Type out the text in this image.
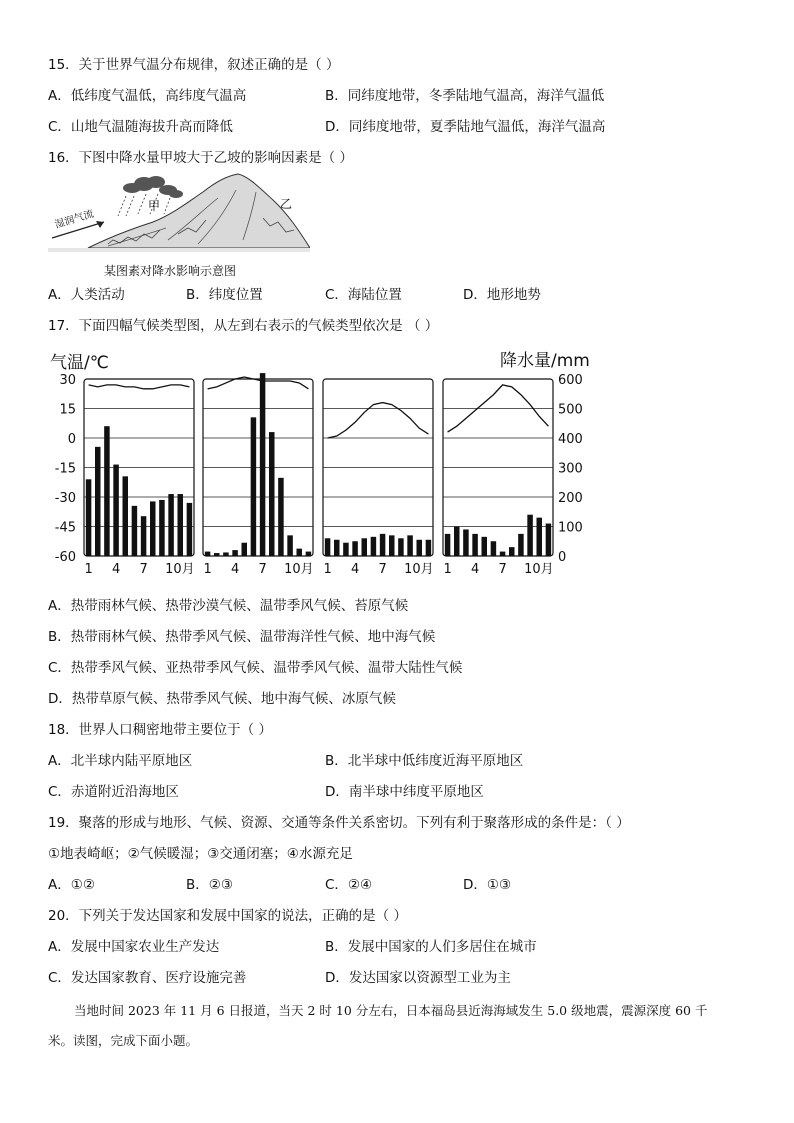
15．关于世界气温分布规律，叙述正确的是（ ）
A．低纬度气温低，高纬度气温高	B．同纬度地带，冬季陆地气温高，海洋气温低
C．山地气温随海拔升高而降低	D．同纬度地带，夏季陆地气温低，海洋气温高
16．下图中降水量甲坡大于乙坡的影响因素是（ ）
湿润气流
甲	乙
某图素对降水影响示意图
A．人类活动	B．纬度位置	C．海陆位置	D．地形地势
17．下面四幅气候类型图，从左到右表示的气候类型依次是 （ ）
气温/℃	降水量/mm
30
15
0
-15
-30
-45
-60
600
500
400
300
200
100
0
1 4 7 10月 1 4 7 10月 1 4 7 10月 1 4 7 10月
A．热带雨林气候、热带沙漠气候、温带季风气候、苔原气候
B．热带雨林气候、热带季风气候、温带海洋性气候、地中海气候
C．热带季风气候、亚热带季风气候、温带季风气候、温带大陆性气候
D．热带草原气候、热带季风气候、地中海气候、冰原气候
18．世界人口稠密地带主要位于（ ）
A．北半球内陆平原地区	B．北半球中低纬度近海平原地区
C．赤道附近沿海地区	D．南半球中纬度平原地区
19．聚落的形成与地形、气候、资源、交通等条件关系密切。下列有利于聚落形成的条件是：（ ）
①地表崎岖；②气候暖湿；③交通闭塞；④水源充足
A．①②	B．②③	C．②④	D．①③
20．下列关于发达国家和发展中国家的说法，正确的是（ ）
A．发展中国家农业生产发达	B．发展中国家的人们多居住在城市
C．发达国家教育、医疗设施完善	D．发达国家以资源型工业为主
当地时间 2023 年 11 月 6 日报道，当天 2 时 10 分左右，日本福岛县近海海域发生 5.0 级地震，震源深度 60 千
米。读图，完成下面小题。
